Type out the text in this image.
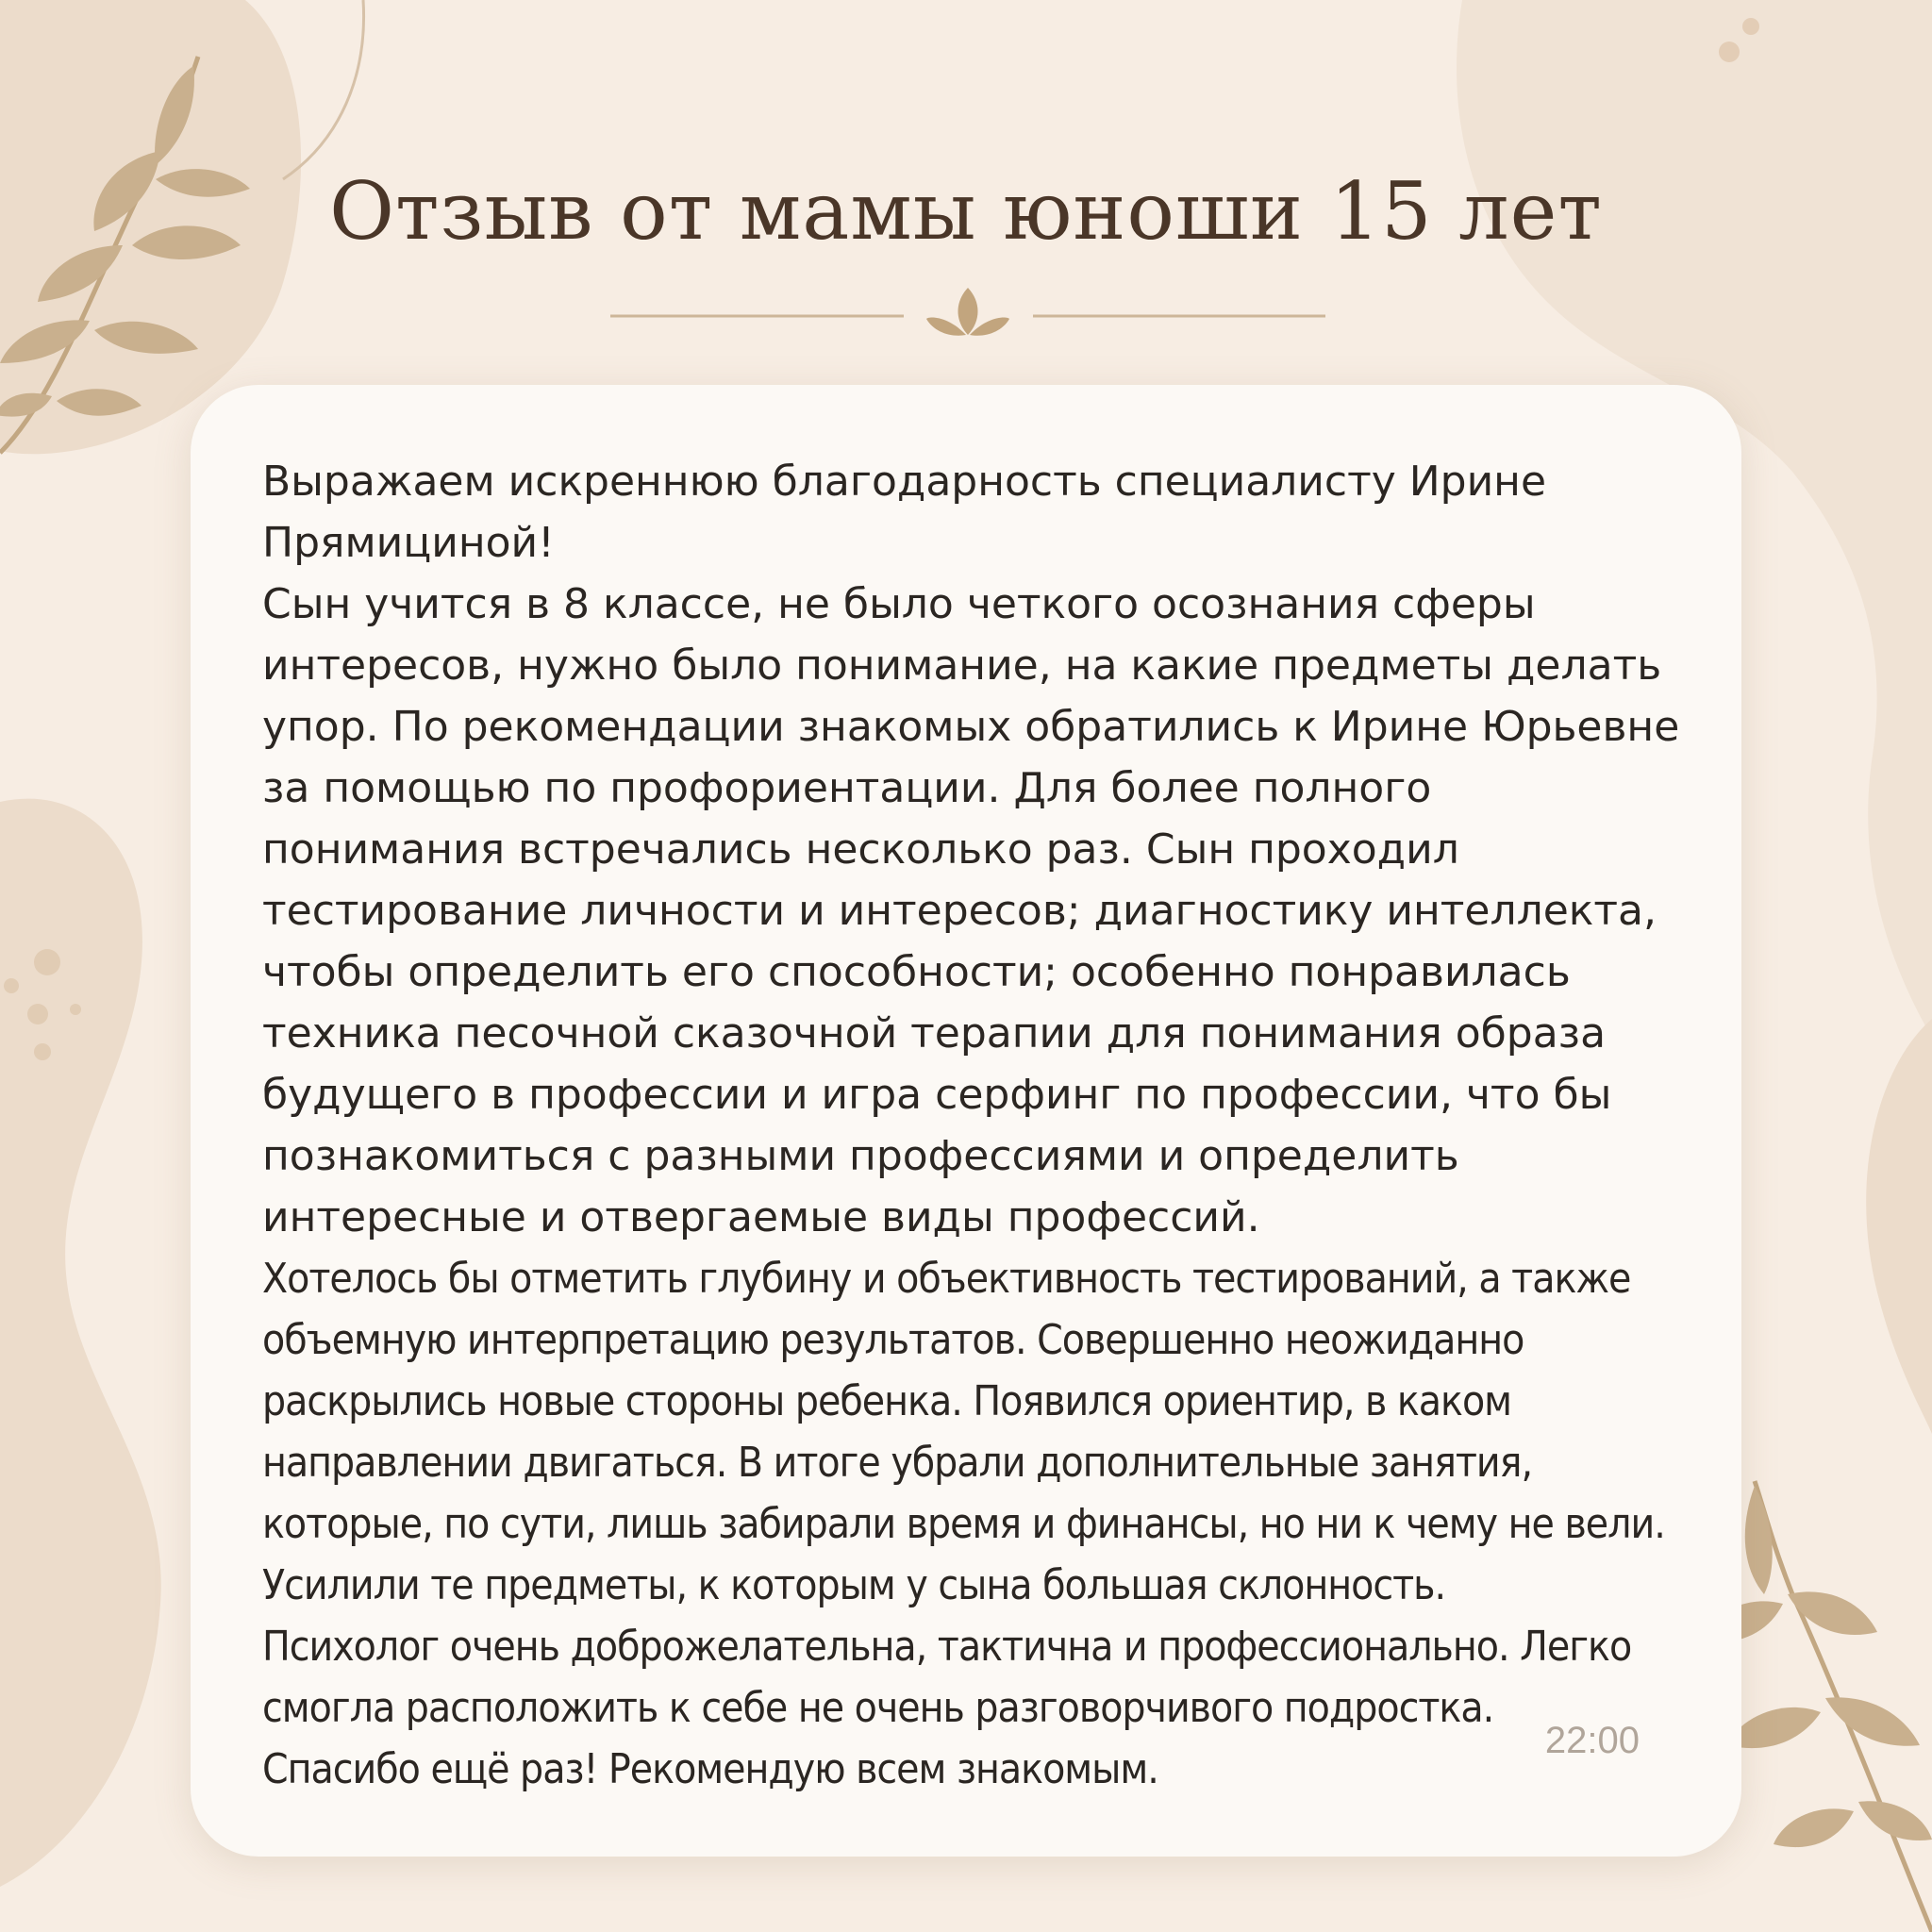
Отзыв от мамы юноши 15 лет

Выражаем искреннюю благодарность специалисту Ирине Прямициной!

Сын учится в 8 классе, не было четкого осознания сферы интересов, нужно было понимание, на какие предметы делать упор. По рекомендации знакомых обратились к Ирине Юрьевне за помощью по профориентации. Для более полного понимания встречались несколько раз. Сын проходил тестирование личности и интересов; диагностику интеллекта, чтобы определить его способности; особенно понравилась техника песочной сказочной терапии для понимания образа будущего в профессии и игра серфинг по профессии, что бы познакомиться с разными профессиями и определить интересные и отвергаемые виды профессий.

Хотелось бы отметить глубину и объективность тестирований, а также объемную интерпретацию результатов. Совершенно неожиданно раскрылись новые стороны ребенка. Появился ориентир, в каком направлении двигаться. В итоге убрали дополнительные занятия, которые, по сути, лишь забирали время и финансы, но ни к чему не вели. Усилили те предметы, к которым у сына большая склонность.

Психолог очень доброжелательна, тактична и профессионально. Легко смогла расположить к себе не очень разговорчивого подростка.

Спасибо ещё раз! Рекомендую всем знакомым.

22:00
